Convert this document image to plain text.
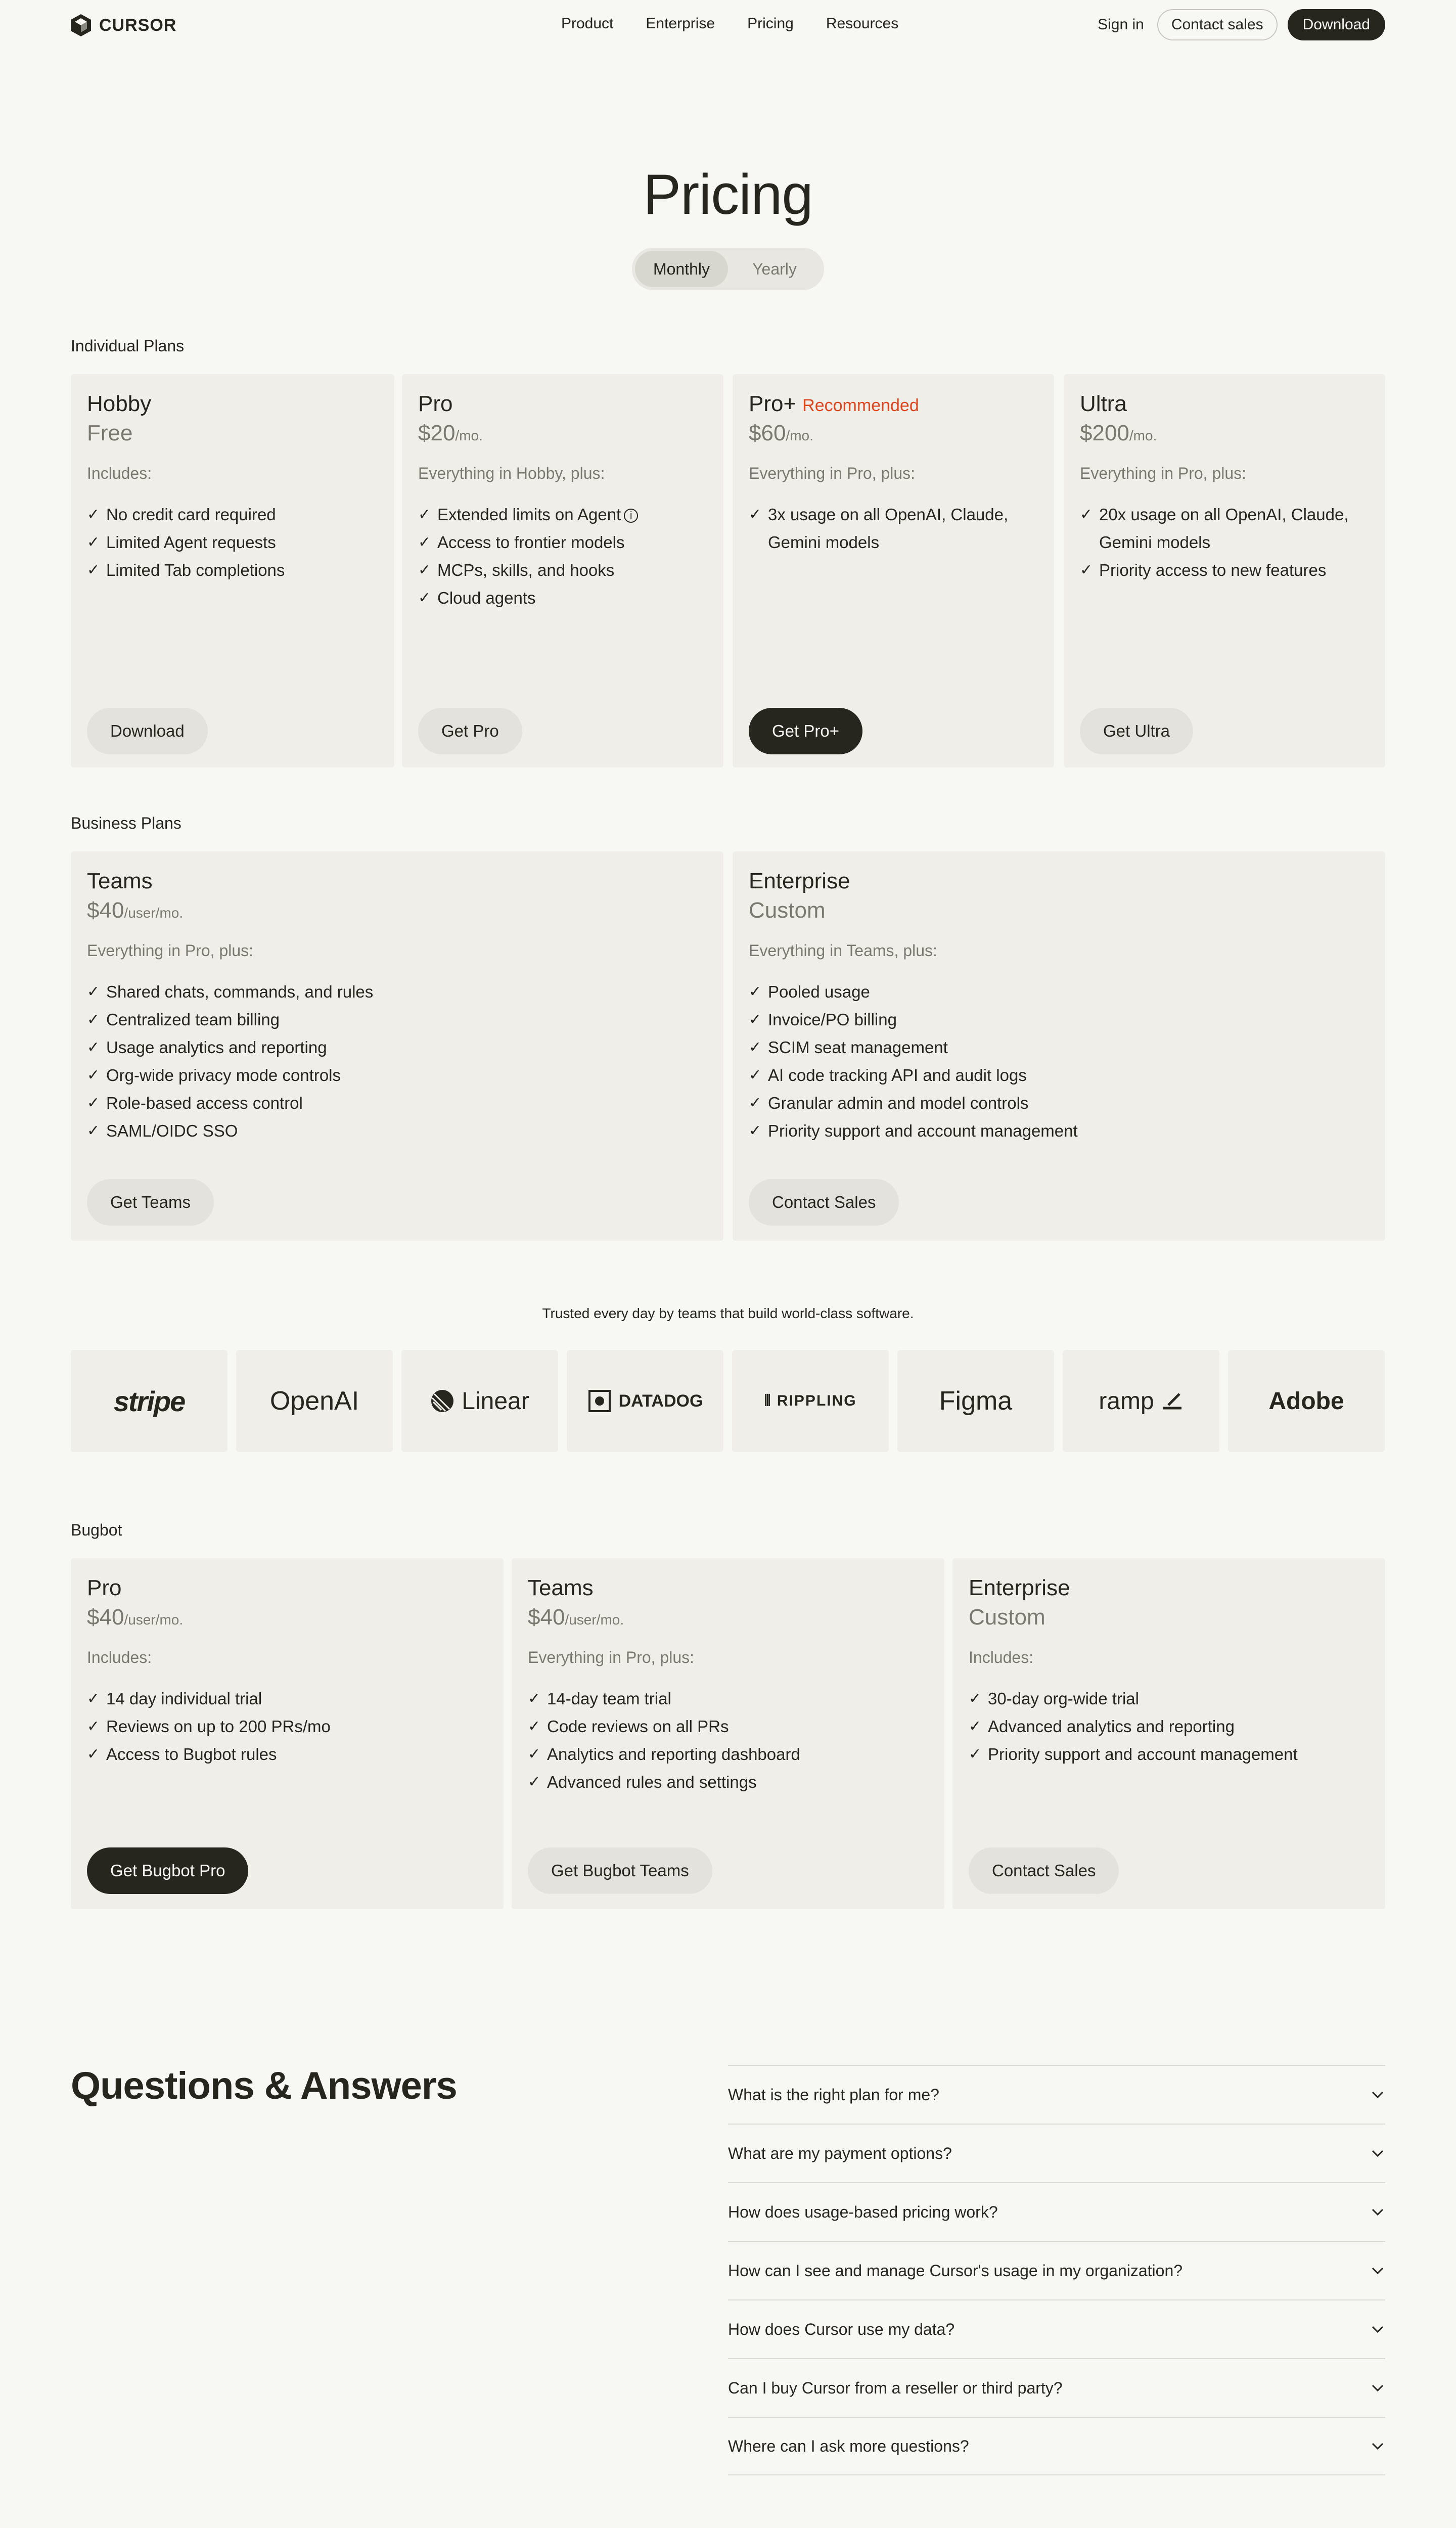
CURSOR	Product Enterprise Pricing Resources	Sign in	Contact sales	Download
Pricing
Monthly	Yearly
Individual Plans
Hobby
Free
Includes:
✓ No credit card required
✓ Limited Agent requests
✓ Limited Tab completions
Download
Pro
$20/mo.
Everything in Hobby, plus:
✓ Extended limits on Agent i
✓ Access to frontier models
✓ MCPs, skills, and hooks
✓ Cloud agents
Get Pro
Pro+ Recommended
$60/mo.
Everything in Pro, plus:
✓ 3x usage on all OpenAI, Claude, Gemini models
Get Pro+
Ultra
$200/mo.
Everything in Pro, plus:
✓ 20x usage on all OpenAI, Claude, Gemini models
✓ Priority access to new features
Get Ultra
Business Plans
Teams
$40/user/mo.
Everything in Pro, plus:
✓ Shared chats, commands, and rules
✓ Centralized team billing
✓ Usage analytics and reporting
✓ Org-wide privacy mode controls
✓ Role-based access control
✓ SAML/OIDC SSO
Get Teams
Enterprise
Custom
Everything in Teams, plus:
✓ Pooled usage
✓ Invoice/PO billing
✓ SCIM seat management
✓ AI code tracking API and audit logs
✓ Granular admin and model controls
✓ Priority support and account management
Contact Sales
Trusted every day by teams that build world-class software.
stripe	OpenAI	Linear	DATADOG	⦀ RIPPLING	Figma	ramp	Adobe
Bugbot
Pro
$40/user/mo.
Includes:
✓ 14 day individual trial
✓ Reviews on up to 200 PRs/mo
✓ Access to Bugbot rules
Get Bugbot Pro
Teams
$40/user/mo.
Everything in Pro, plus:
✓ 14-day team trial
✓ Code reviews on all PRs
✓ Analytics and reporting dashboard
✓ Advanced rules and settings
Get Bugbot Teams
Enterprise
Custom
Includes:
✓ 30-day org-wide trial
✓ Advanced analytics and reporting
✓ Priority support and account management
Contact Sales
Questions & Answers	What is the right plan for me?
What are my payment options?
How does usage-based pricing work?
How can I see and manage Cursor's usage in my organization?
How does Cursor use my data?
Can I buy Cursor from a reseller or third party?
Where can I ask more questions?
